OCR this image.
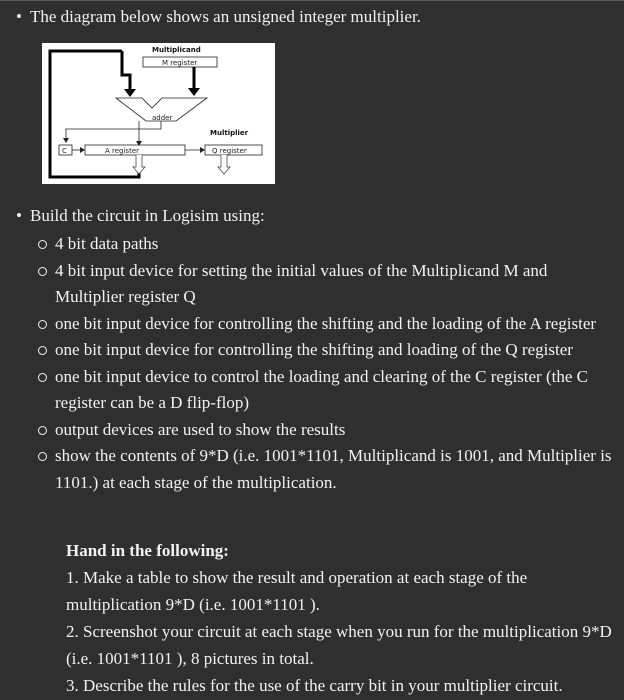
• The diagram below shows an unsigned integer multiplier.
Multiplicand
M register
adder
C	A register
Multiplier
Q register
• Build the circuit in Logisim using:
4 bit data paths
4 bit input device for setting the initial values of the Multiplicand M and Multiplier register Q
one bit input device for controlling the shifting and the loading of the A register
one bit input device for controlling the shifting and loading of the Q register
one bit input device to control the loading and clearing of the C register (the C register can be a D flip-flop)
output devices are used to show the results
show the contents of 9*D (i.e. 1001*1101, Multiplicand is 1001, and Multiplier is 1101.) at each stage of the multiplication.

Hand in the following:

1. Make a table to show the result and operation at each stage of the multiplication 9*D (i.e. 1001*1101 ).

2. Screenshot your circuit at each stage when you run for the multiplication 9*D (i.e. 1001*1101 ), 8 pictures in total.

3. Describe the rules for the use of the carry bit in your multiplier circuit.
